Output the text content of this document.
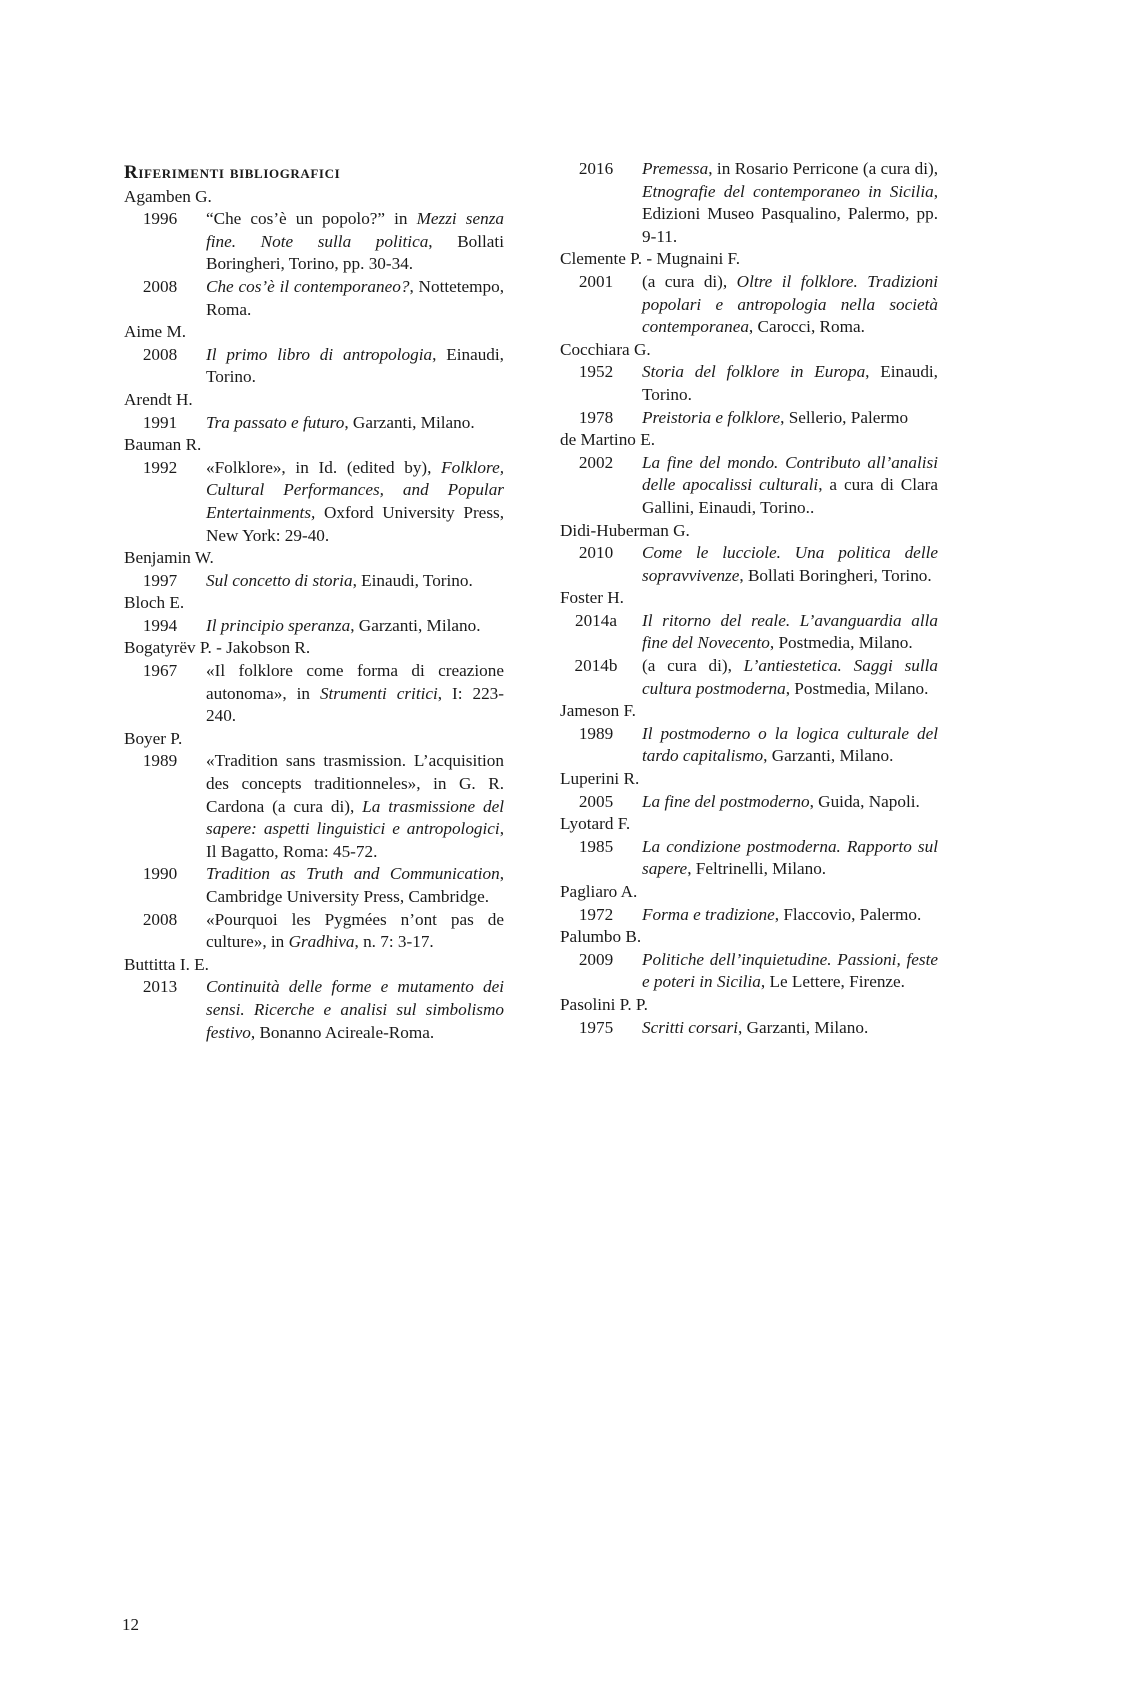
Riferimenti bibliografici
Agamben G.
1996	“Che cos’è un popolo?” in Mezzi senza fine. Note sulla politica, Bollati Boringheri, Torino, pp. 30-34.
2008	Che cos’è il contemporaneo?, Nottetempo, Roma.
Aime M.
2008	Il primo libro di antropologia, Einaudi, Torino.
Arendt H.
1991	Tra passato e futuro, Garzanti, Milano.
Bauman R.
1992	«Folklore», in Id. (edited by), Folklore, Cultural Performances, and Popular Entertainments, Oxford University Press, New York: 29-40.
Benjamin W.
1997	Sul concetto di storia, Einaudi, Torino.
Bloch E.
1994	Il principio speranza, Garzanti, Milano.
Bogatyrëv P. - Jakobson R.
1967	«Il folklore come forma di creazione autonoma», in Strumenti critici, I: 223-240.
Boyer P.
1989	«Tradition sans trasmission. L’acquisition des concepts traditionneles», in G. R. Cardona (a cura di), La trasmissione del sapere: aspetti linguistici e antropologici, Il Bagatto, Roma: 45-72.
1990	Tradition as Truth and Communication, Cambridge University Press, Cambridge.
2008	«Pourquoi les Pygmées n’ont pas de culture», in Gradhiva, n. 7: 3-17.
Buttitta I. E.
2013	Continuità delle forme e mutamento dei sensi. Ricerche e analisi sul simbolismo festivo, Bonanno Acireale-Roma.
2016	Premessa, in Rosario Perricone (a cura di), Etnografie del contemporaneo in Sicilia, Edizioni Museo Pasqualino, Palermo, pp. 9-11.
Clemente P. - Mugnaini F.
2001	(a cura di), Oltre il folklore. Tradizioni popolari e antropologia nella società contemporanea, Carocci, Roma.
Cocchiara G.
1952	Storia del folklore in Europa, Einaudi, Torino.
1978	Preistoria e folklore, Sellerio, Palermo
de Martino E.
2002	La fine del mondo. Contributo all’analisi delle apocalissi culturali, a cura di Clara Gallini, Einaudi, Torino..
Didi-Huberman G.
2010	Come le lucciole. Una politica delle sopravvivenze, Bollati Boringheri, Torino.
Foster H.
2014a	Il ritorno del reale. L’avanguardia alla fine del Novecento, Postmedia, Milano.
2014b	(a cura di), L’antiestetica. Saggi sulla cultura postmoderna, Postmedia, Milano.
Jameson F.
1989	Il postmoderno o la logica culturale del tardo capitalismo, Garzanti, Milano.
Luperini R.
2005	La fine del postmoderno, Guida, Napoli.
Lyotard F.
1985	La condizione postmoderna. Rapporto sul sapere, Feltrinelli, Milano.
Pagliaro A.
1972	Forma e tradizione, Flaccovio, Palermo.
Palumbo B.
2009	Politiche dell’inquietudine. Passioni, feste e poteri in Sicilia, Le Lettere, Firenze.
Pasolini P. P.
1975	Scritti corsari, Garzanti, Milano.
12
